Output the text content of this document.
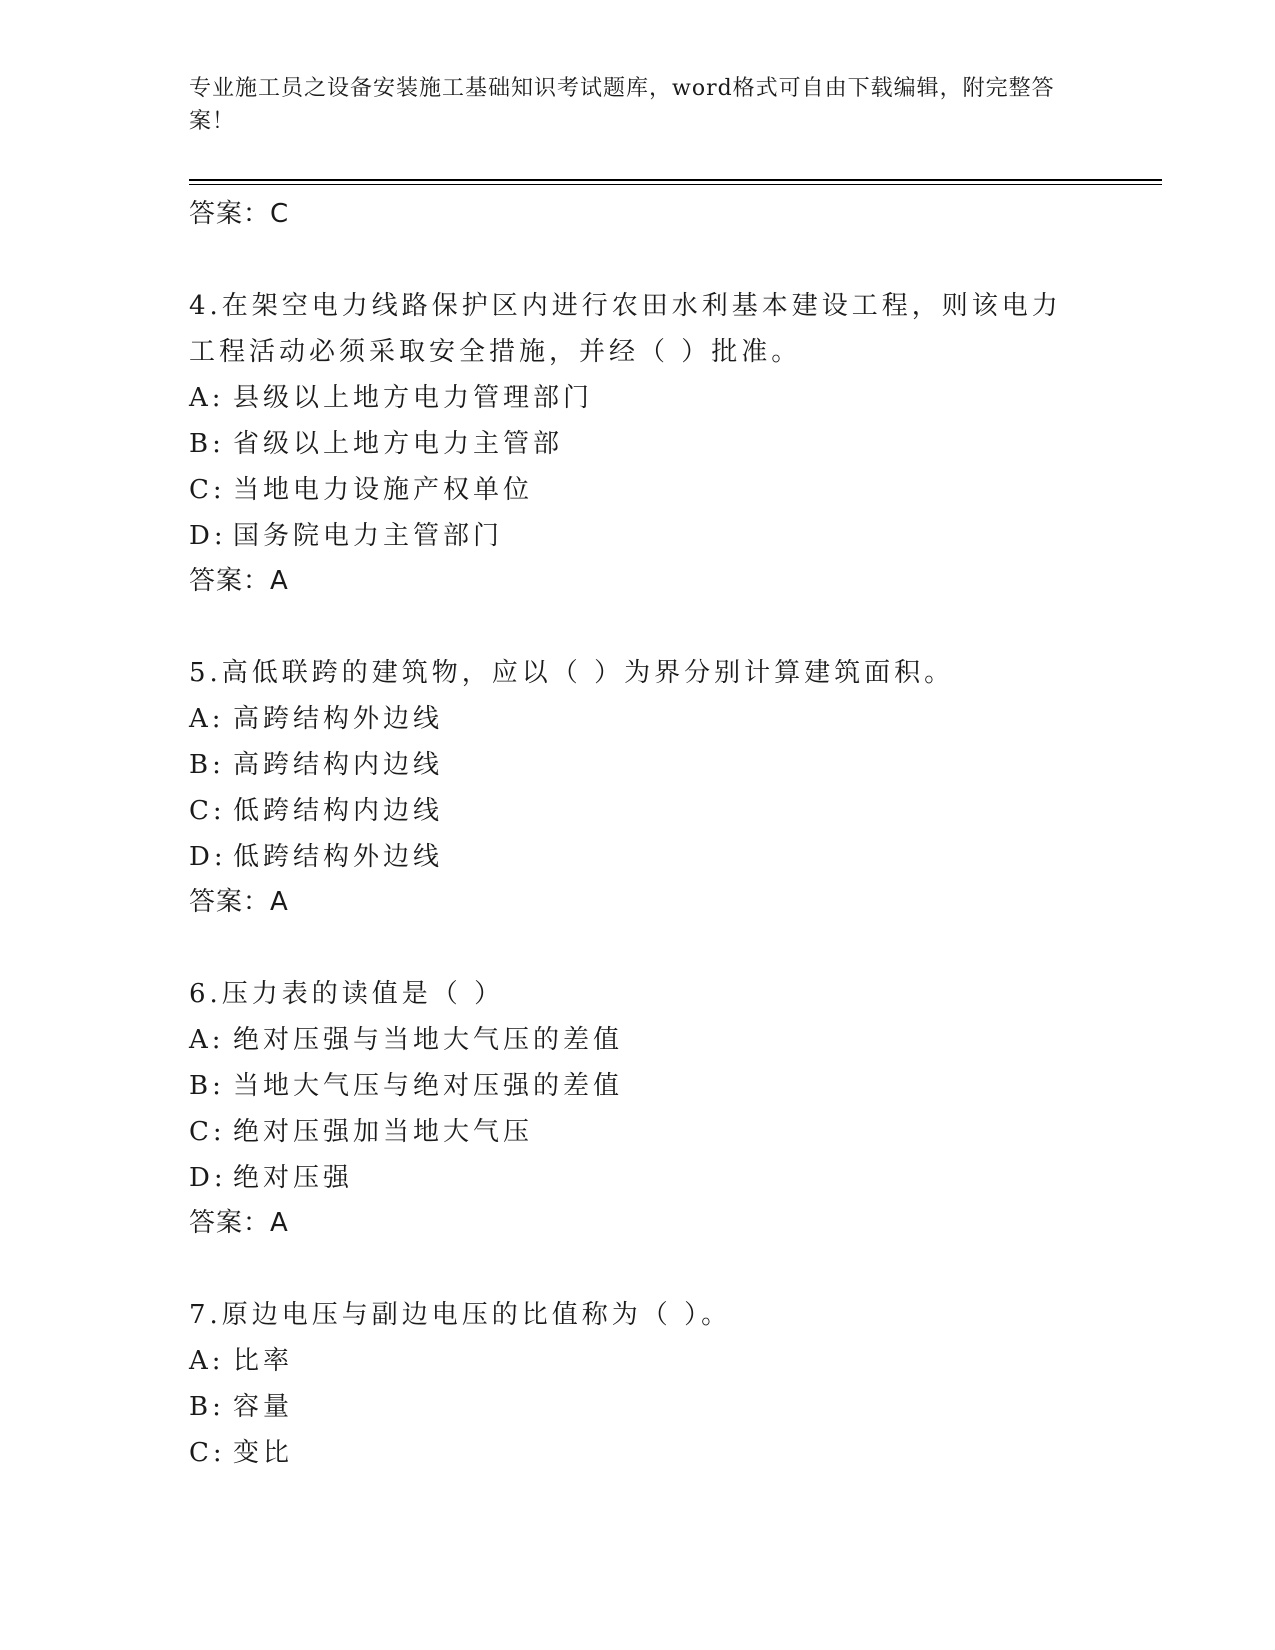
专业施工员之设备安装施工基础知识考试题库，word格式可自由下载编辑，附完整答案！
答案：C
4.在架空电力线路保护区内进行农田水利基本建设工程，则该电力工程活动必须采取安全措施，并经（ ）批准。
A: 县级以上地方电力管理部门
B: 省级以上地方电力主管部
C: 当地电力设施产权单位
D: 国务院电力主管部门
答案：A
5.高低联跨的建筑物，应以（ ）为界分别计算建筑面积。
A: 高跨结构外边线
B: 高跨结构内边线
C: 低跨结构内边线
D: 低跨结构外边线
答案：A
6.压力表的读值是（ ）
A: 绝对压强与当地大气压的差值
B: 当地大气压与绝对压强的差值
C: 绝对压强加当地大气压
D: 绝对压强
答案：A
7.原边电压与副边电压的比值称为（ ）。
A: 比率
B: 容量
C: 变比
